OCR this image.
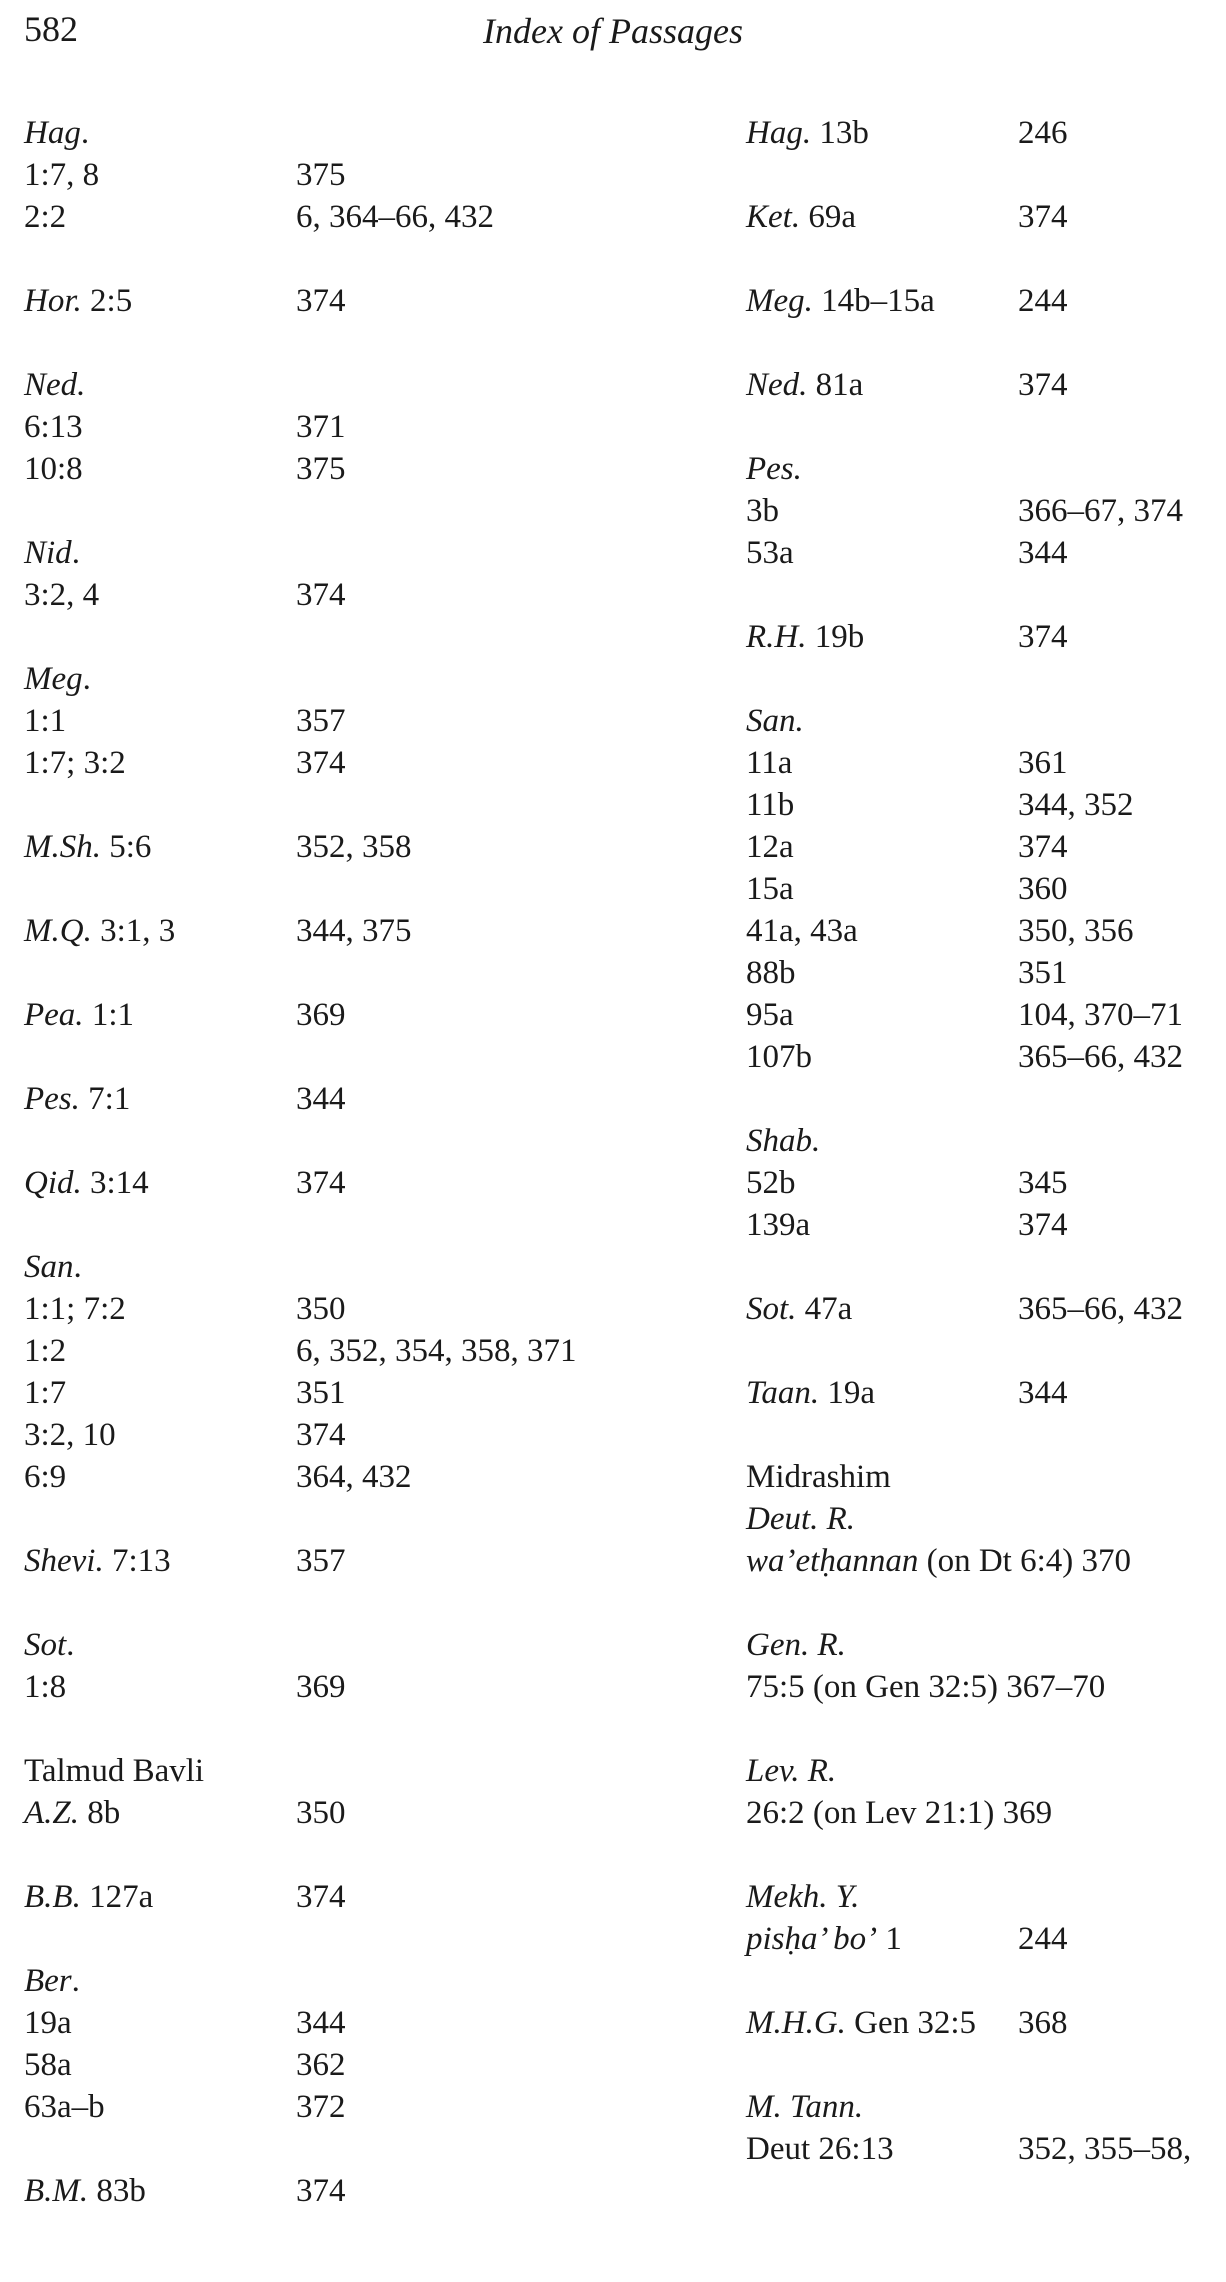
582	Index of Passages
Hag.
1:7, 8	375
2:2	6, 364–66, 432
Hor. 2:5	374
Ned.
6:13	371
10:8	375
Nid.
3:2, 4	374
Meg.
1:1	357
1:7; 3:2	374
M.Sh. 5:6	352, 358
M.Q. 3:1, 3	344, 375
Pea. 1:1	369
Pes. 7:1	344
Qid. 3:14	374
San.
1:1; 7:2	350
1:2	6, 352, 354, 358, 371
1:7	351
3:2, 10	374
6:9	364, 432
Shevi. 7:13	357
Sot.
1:8	369
Talmud Bavli
A.Z. 8b	350
B.B. 127a	374
Ber.
19a	344
58a	362
63a–b	372
B.M. 83b	374
Hag. 13b	246
Ket. 69a	374
Meg. 14b–15a	244
Ned. 81a	374
Pes.
3b	366–67, 374
53a	344
R.H. 19b	374
San.
11a	361
11b	344, 352
12a	374
15a	360
41a, 43a	350, 356
88b	351
95a	104, 370–71
107b	365–66, 432
Shab.
52b	345
139a	374
Sot. 47a	365–66, 432
Taan. 19a	344
Midrashim
Deut. R.
wa’etḥannan (on Dt 6:4) 370
Gen. R.
75:5 (on Gen 32:5) 367–70
Lev. R.
26:2 (on Lev 21:1) 369
Mekh. Y.
pisḥa’ bo’ 1	244
M.H.G. Gen 32:5 368
M. Tann.
Deut 26:13	352, 355–58,
